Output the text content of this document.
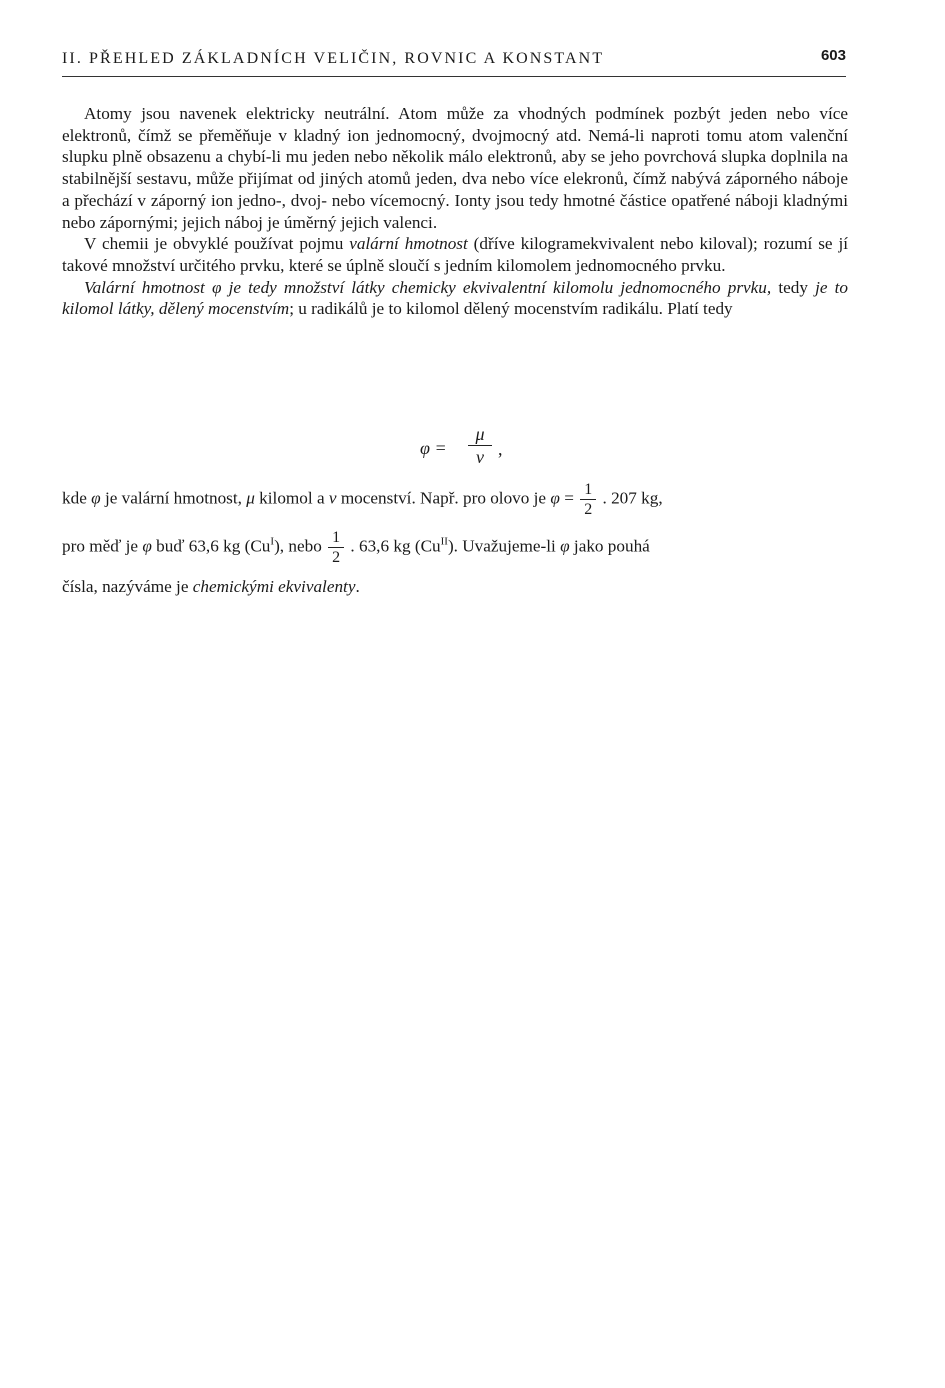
II. PŘEHLED ZÁKLADNÍCH VELIČIN, ROVNIC A KONSTANT	603

Atomy jsou navenek elektricky neutrální. Atom může za vhodných podmínek pozbýt jeden nebo více elektronů, čímž se přeměňuje v kladný ion jednomocný, dvojmocný atd. Nemá-li naproti tomu atom valenční slupku plně obsazenu a chybí-li mu jeden nebo několik málo elektronů, aby se jeho povrchová slupka doplnila na stabilnější sestavu, může přijímat od jiných atomů jeden, dva nebo více elekronů, čímž nabývá záporného náboje a přechází v záporný ion jedno-, dvoj- nebo vícemocný. Ionty jsou tedy hmotné částice opatřené náboji kladnými nebo zápornými; jejich náboj je úměrný jejich valenci.

V chemii je obvyklé používat pojmu valární hmotnost (dříve kilogramekvivalent nebo kiloval); rozumí se jí takové množství určitého prvku, které se úplně sloučí s jedním kilomolem jednomocného prvku.

Valární hmotnost φ je tedy množství látky chemicky ekvivalentní kilomolu jednomocného prvku, tedy je to kilomol látky, dělený mocenstvím; u radikálů je to kilomol dělený mocenstvím radikálu. Platí tedy

φ =
μ
v ,
kde φ je valární hmotnost, μ kilomol a v mocenství. Např. pro olovo je $\varphi = \frac{1}{2}$ . 207 kg,
pro měď je φ buď 63,6 kg $(Cu^I)$, nebo $\frac{1}{2}$ . 63,6 kg $(Cu^{II})$. Uvažujeme-li φ jako pouhá
čísla, nazýváme je chemickými ekvivalenty.
